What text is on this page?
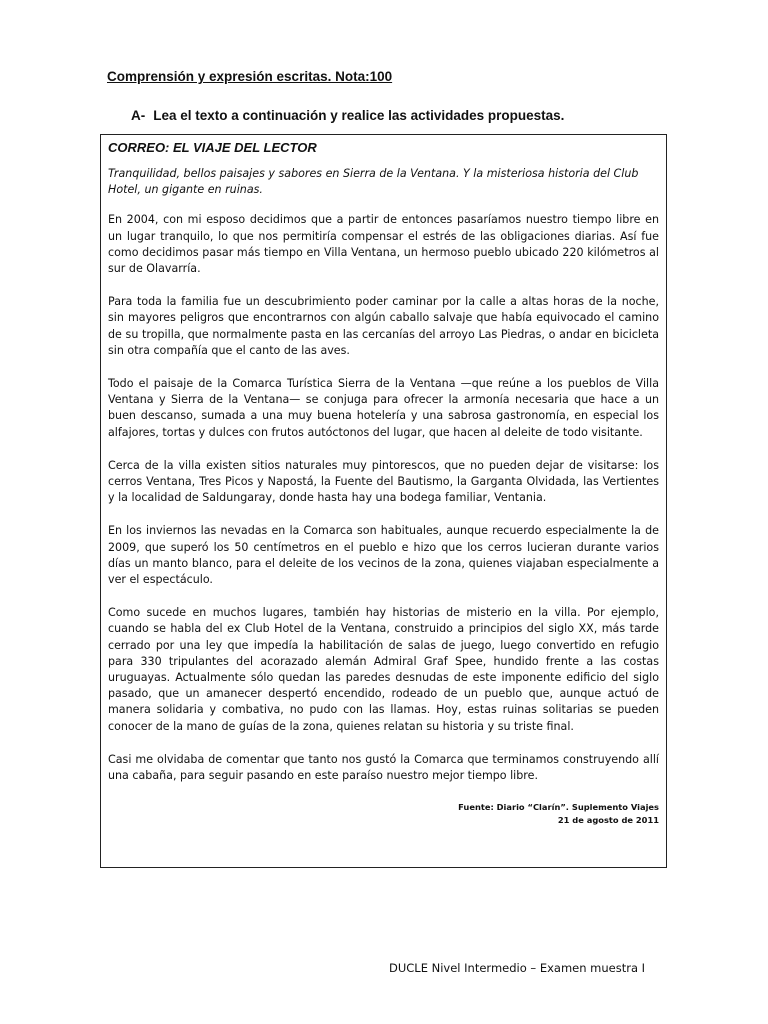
Comprensión y expresión escritas. Nota:100
A- Lea el texto a continuación y realice las actividades propuestas.
CORREO: EL VIAJE DEL LECTOR

Tranquilidad, bellos paisajes y sabores en Sierra de la Ventana. Y la misteriosa historia del Club Hotel, un gigante en ruinas.

En 2004, con mi esposo decidimos que a partir de entonces pasaríamos nuestro tiempo libre en un lugar tranquilo, lo que nos permitiría compensar el estrés de las obligaciones diarias. Así fue como decidimos pasar más tiempo en Villa Ventana, un hermoso pueblo ubicado 220 kilómetros al sur de Olavarría.

Para toda la familia fue un descubrimiento poder caminar por la calle a altas horas de la noche, sin mayores peligros que encontrarnos con algún caballo salvaje que había equivocado el camino de su tropilla, que normalmente pasta en las cercanías del arroyo Las Piedras, o andar en bicicleta sin otra compañía que el canto de las aves.

Todo el paisaje de la Comarca Turística Sierra de la Ventana —que reúne a los pueblos de Villa Ventana y Sierra de la Ventana— se conjuga para ofrecer la armonía necesaria que hace a un buen descanso, sumada a una muy buena hotelería y una sabrosa gastronomía, en especial los alfajores, tortas y dulces con frutos autóctonos del lugar, que hacen al deleite de todo visitante.

Cerca de la villa existen sitios naturales muy pintorescos, que no pueden dejar de visitarse: los cerros Ventana, Tres Picos y Napostá, la Fuente del Bautismo, la Garganta Olvidada, las Vertientes y la localidad de Saldungaray, donde hasta hay una bodega familiar, Ventania.

En los inviernos las nevadas en la Comarca son habituales, aunque recuerdo especialmente la de 2009, que superó los 50 centímetros en el pueblo e hizo que los cerros lucieran durante varios días un manto blanco, para el deleite de los vecinos de la zona, quienes viajaban especialmente a ver el espectáculo.

Como sucede en muchos lugares, también hay historias de misterio en la villa. Por ejemplo, cuando se habla del ex Club Hotel de la Ventana, construido a principios del siglo XX, más tarde cerrado por una ley que impedía la habilitación de salas de juego, luego convertido en refugio para 330 tripulantes del acorazado alemán Admiral Graf Spee, hundido frente a las costas uruguayas. Actualmente sólo quedan las paredes desnudas de este imponente edificio del siglo pasado, que un amanecer despertó encendido, rodeado de un pueblo que, aunque actuó de manera solidaria y combativa, no pudo con las llamas. Hoy, estas ruinas solitarias se pueden conocer de la mano de guías de la zona, quienes relatan su historia y su triste final.

Casi me olvidaba de comentar que tanto nos gustó la Comarca que terminamos construyendo allí una cabaña, para seguir pasando en este paraíso nuestro mejor tiempo libre.

Fuente: Diario “Clarín”. Suplemento Viajes
21 de agosto de 2011
DUCLE Nivel Intermedio – Examen muestra I
